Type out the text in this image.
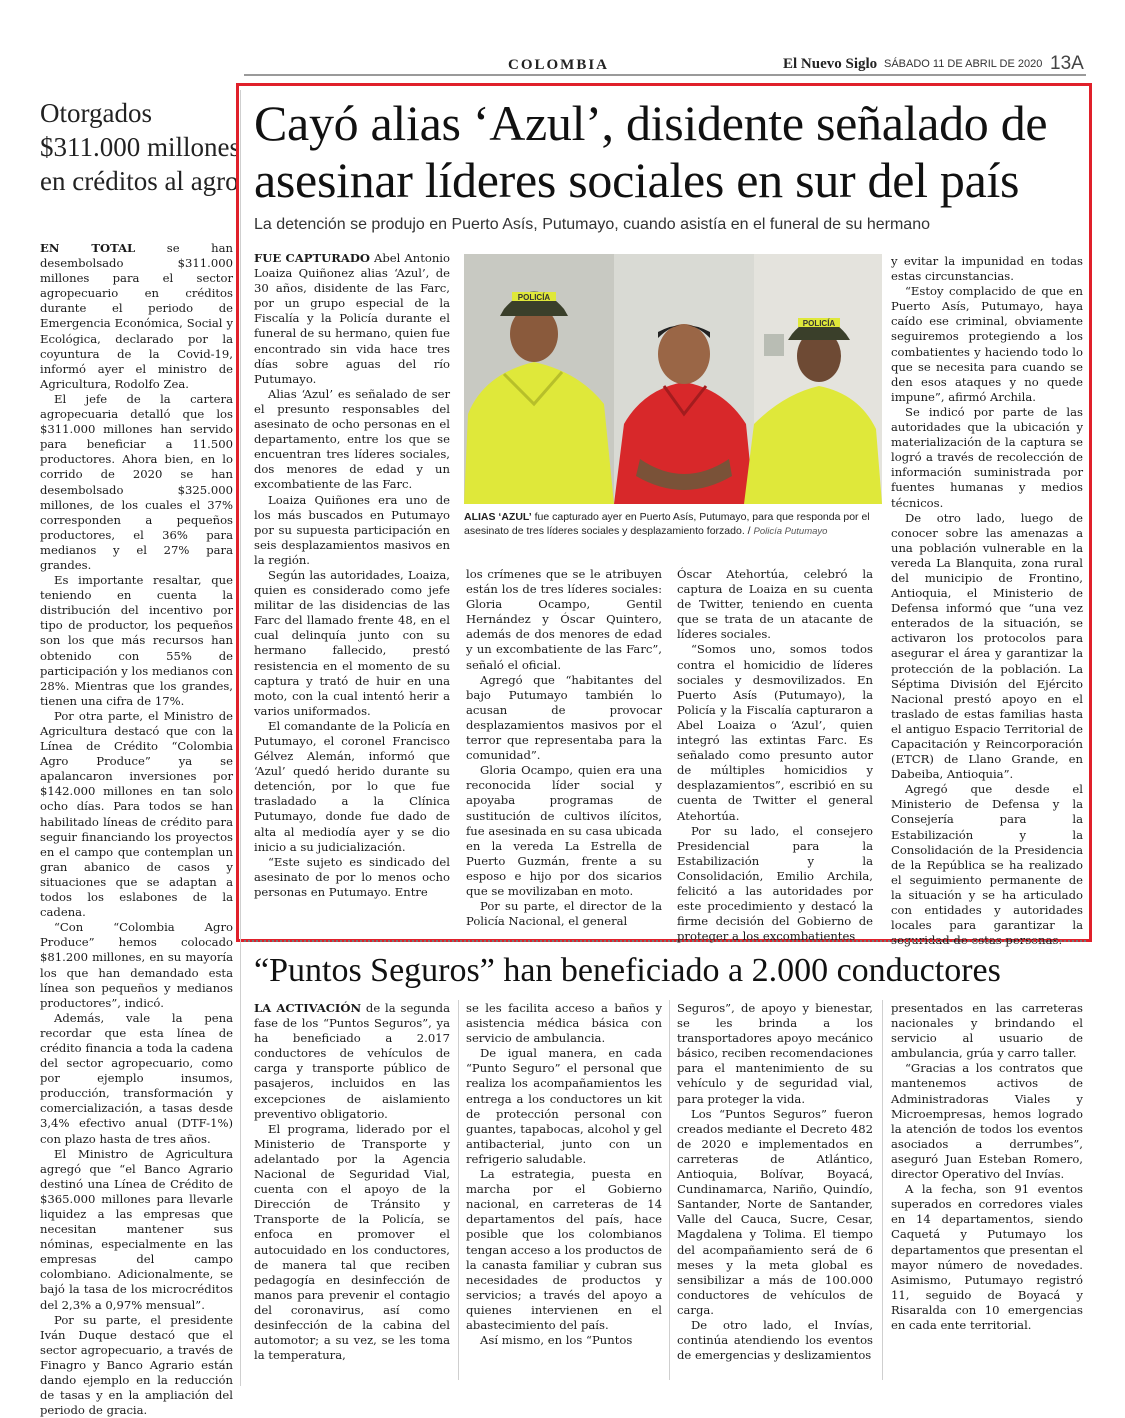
COLOMBIA	El Nuevo Siglo SÁBADO 11 DE ABRIL DE 2020 13A
Otorgados $311.000 millones en créditos al agro

EN TOTAL se han desembolsado $311.000 millones para el sector agropecuario en créditos durante el periodo de Emergencia Económica, Social y Ecológica, declarado por la coyuntura de la Covid-19, informó ayer el ministro de Agricultura, Rodolfo Zea.

El jefe de la cartera agropecuaria detalló que los $311.000 millones han servido para beneficiar a 11.500 productores. Ahora bien, en lo corrido de 2020 se han desembolsado $325.000 millones, de los cuales el 37% corresponden a pequeños productores, el 36% para medianos y el 27% para grandes.

Es importante resaltar, que teniendo en cuenta la distribución del incentivo por tipo de productor, los pequeños son los que más recursos han obtenido con 55% de participación y los medianos con 28%. Mientras que los grandes, tienen una cifra de 17%.

Por otra parte, el Ministro de Agricultura destacó que con la Línea de Crédito “Colombia Agro Produce” ya se apalancaron inversiones por $142.000 millones en tan solo ocho días. Para todos se han habilitado líneas de crédito para seguir financiando los proyectos en el campo que contemplan un gran abanico de casos y situaciones que se adaptan a todos los eslabones de la cadena.

“Con “Colombia Agro Produce” hemos colocado $81.200 millones, en su mayoría los que han demandado esta línea son pequeños y medianos productores”, indicó.

Además, vale la pena recordar que esta línea de crédito financia a toda la cadena del sector agropecuario, como por ejemplo insumos, producción, transformación y comercialización, a tasas desde 3,4% efectivo anual (DTF-1%) con plazo hasta de tres años.

El Ministro de Agricultura agregó que “el Banco Agrario destinó una Línea de Crédito de $365.000 millones para llevarle liquidez a las empresas que necesitan mantener sus nóminas, especialmente en las empresas del campo colombiano. Adicionalmente, se bajó la tasa de los microcréditos del 2,3% a 0,97% mensual”.

Por su parte, el presidente Iván Duque destacó que el sector agropecuario, a través de Finagro y Banco Agrario están dando ejemplo en la reducción de tasas y en la ampliación del periodo de gracia.

Cayó alias ‘Azul’, disidente señalado de asesinar líderes sociales en sur del país
La detención se produjo en Puerto Asís, Putumayo, cuando asistía en el funeral de su hermano

FUE CAPTURADO Abel Antonio Loaiza Quiñonez alias ‘Azul’, de 30 años, disidente de las Farc, por un grupo especial de la Fiscalía y la Policía durante el funeral de su hermano, quien fue encontrado sin vida hace tres días sobre aguas del río Putumayo.

Alias ‘Azul’ es señalado de ser el presunto responsables del asesinato de ocho personas en el departamento, entre los que se encuentran tres líderes sociales, dos menores de edad y un excombatiente de las Farc.

Loaiza Quiñones era uno de los más buscados en Putumayo por su supuesta participación en seis desplazamientos masivos en la región.

Según las autoridades, Loaiza, quien es considerado como jefe militar de las disidencias de las Farc del llamado frente 48, en el cual delinquía junto con su hermano fallecido, prestó resistencia en el momento de su captura y trató de huir en una moto, con la cual intentó herir a varios uniformados.

El comandante de la Policía en Putumayo, el coronel Francisco Gélvez Alemán, informó que ‘Azul’ quedó herido durante su detención, por lo que fue trasladado a la Clínica Putumayo, donde fue dado de alta al mediodía ayer y se dio inicio a su judicialización.

“Este sujeto es sindicado del asesinato de por lo menos ocho personas en Putumayo. Entre

POLICÍA
POLICÍA
ALIAS ‘AZUL’ fue capturado ayer en Puerto Asís, Putumayo, para que responda por el asesinato de tres líderes sociales y desplazamiento forzado. / Policía Putumayo

los crímenes que se le atribuyen están los de tres líderes sociales: Gloria Ocampo, Gentil Hernández y Óscar Quintero, además de dos menores de edad y un excombatiente de las Farc”, señaló el oficial.

Agregó que “habitantes del bajo Putumayo también lo acusan de provocar desplazamientos masivos por el terror que representaba para la comunidad”.

Gloria Ocampo, quien era una reconocida líder social y apoyaba programas de sustitución de cultivos ilícitos, fue asesinada en su casa ubicada en la vereda La Estrella de Puerto Guzmán, frente a su esposo e hijo por dos sicarios que se movilizaban en moto.

Por su parte, el director de la Policía Nacional, el general

Óscar Atehortúa, celebró la captura de Loaiza en su cuenta de Twitter, teniendo en cuenta que se trata de un atacante de líderes sociales.

“Somos uno, somos todos contra el homicidio de líderes sociales y desmovilizados. En Puerto Asís (Putumayo), la Policía y la Fiscalía capturaron a Abel Loaiza o ‘Azul’, quien integró las extintas Farc. Es señalado como presunto autor de múltiples homicidios y desplazamientos”, escribió en su cuenta de Twitter el general Atehortúa.

Por su lado, el consejero Presidencial para la Estabilización y la Consolidación, Emilio Archila, felicitó a las autoridades por este procedimiento y destacó la firme decisión del Gobierno de proteger a los excombatientes

y evitar la impunidad en todas estas circunstancias.

“Estoy complacido de que en Puerto Asís, Putumayo, haya caído ese criminal, obviamente seguiremos protegiendo a los combatientes y haciendo todo lo que se necesita para cuando se den esos ataques y no quede impune”, afirmó Archila.

Se indicó por parte de las autoridades que la ubicación y materialización de la captura se logró a través de recolección de información suministrada por fuentes humanas y medios técnicos.

De otro lado, luego de conocer sobre las amenazas a una población vulnerable en la vereda La Blanquita, zona rural del municipio de Frontino, Antioquia, el Ministerio de Defensa informó que “una vez enterados de la situación, se activaron los protocolos para asegurar el área y garantizar la protección de la población. La Séptima División del Ejército Nacional prestó apoyo en el traslado de estas familias hasta el antiguo Espacio Territorial de Capacitación y Reincorporación (ETCR) de Llano Grande, en Dabeiba, Antioquia”.

Agregó que desde el Ministerio de Defensa y la Consejería para la Estabilización y la Consolidación de la Presidencia de la República se ha realizado el seguimiento permanente de la situación y se ha articulado con entidades y autoridades locales para garantizar la seguridad de estas personas.

“Puntos Seguros” han beneficiado a 2.000 conductores

LA ACTIVACIÓN de la segunda fase de los “Puntos Seguros”, ya ha beneficiado a 2.017 conductores de vehículos de carga y transporte público de pasajeros, incluidos en las excepciones de aislamiento preventivo obligatorio.

El programa, liderado por el Ministerio de Transporte y adelantado por la Agencia Nacional de Seguridad Vial, cuenta con el apoyo de la Dirección de Tránsito y Transporte de la Policía, se enfoca en promover el autocuidado en los conductores, de manera tal que reciben pedagogía en desinfección de manos para prevenir el contagio del coronavirus, así como desinfección de la cabina del automotor; a su vez, se les toma la temperatura,

se les facilita acceso a baños y asistencia médica básica con servicio de ambulancia.

De igual manera, en cada “Punto Seguro” el personal que realiza los acompañamientos les entrega a los conductores un kit de protección personal con guantes, tapabocas, alcohol y gel antibacterial, junto con un refrigerio saludable.

La estrategia, puesta en marcha por el Gobierno nacional, en carreteras de 14 departamentos del país, hace posible que los colombianos tengan acceso a los productos de la canasta familiar y cubran sus necesidades de productos y servicios; a través del apoyo a quienes intervienen en el abastecimiento del país.

Así mismo, en los “Puntos

Seguros”, de apoyo y bienestar, se les brinda a los transportadores apoyo mecánico básico, reciben recomendaciones para el mantenimiento de su vehículo y de seguridad vial, para proteger la vida.

Los “Puntos Seguros” fueron creados mediante el Decreto 482 de 2020 e implementados en carreteras de Atlántico, Antioquia, Bolívar, Boyacá, Cundinamarca, Nariño, Quindío, Santander, Norte de Santander, Valle del Cauca, Sucre, Cesar, Magdalena y Tolima. El tiempo del acompañamiento será de 6 meses y la meta global es sensibilizar a más de 100.000 conductores de vehículos de carga.

De otro lado, el Invías, continúa atendiendo los eventos de emergencias y deslizamientos

presentados en las carreteras nacionales y brindando el servicio al usuario de ambulancia, grúa y carro taller.

“Gracias a los contratos que mantenemos activos de Administradoras Viales y Microempresas, hemos logrado la atención de todos los eventos asociados a derrumbes”, aseguró Juan Esteban Romero, director Operativo del Invías.

A la fecha, son 91 eventos superados en corredores viales en 14 departamentos, siendo Caquetá y Putumayo los departamentos que presentan el mayor número de novedades. Asimismo, Putumayo registró 11, seguido de Boyacá y Risaralda con 10 emergencias en cada ente territorial.
